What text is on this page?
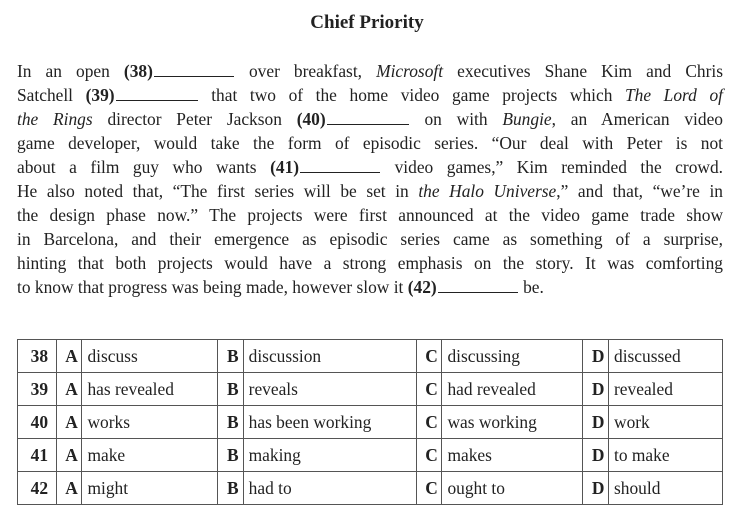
Chief Priority
In an open (38)	over breakfast, Microsoft executives Shane Kim and Chris
Satchell (39)	that two of the home video game projects which The Lord of
the Rings director Peter Jackson (40)	on with Bungie, an American video
game developer, would take the form of episodic series. “Our deal with Peter is not
about a film guy who wants (41)	video games,” Kim reminded the crowd.
He also noted that, “The first series will be set in the Halo Universe,” and that, “we’re in
the design phase now.” The projects were first announced at the video game trade show
in Barcelona, and their emergence as episodic series came as something of a surprise,
hinting that both projects would have a strong emphasis on the story. It was comforting
to know that progress was being made, however slow it (42)	be.
38	A	discuss	B	discussion	C	discussing	D	discussed
39	A	has revealed	B	reveals	C	had revealed	D	revealed
40	A	works	B	has been working	C	was working	D	work
41	A	make	B	making	C	makes	D	to make
42	A	might	B	had to	C	ought to	D	should
